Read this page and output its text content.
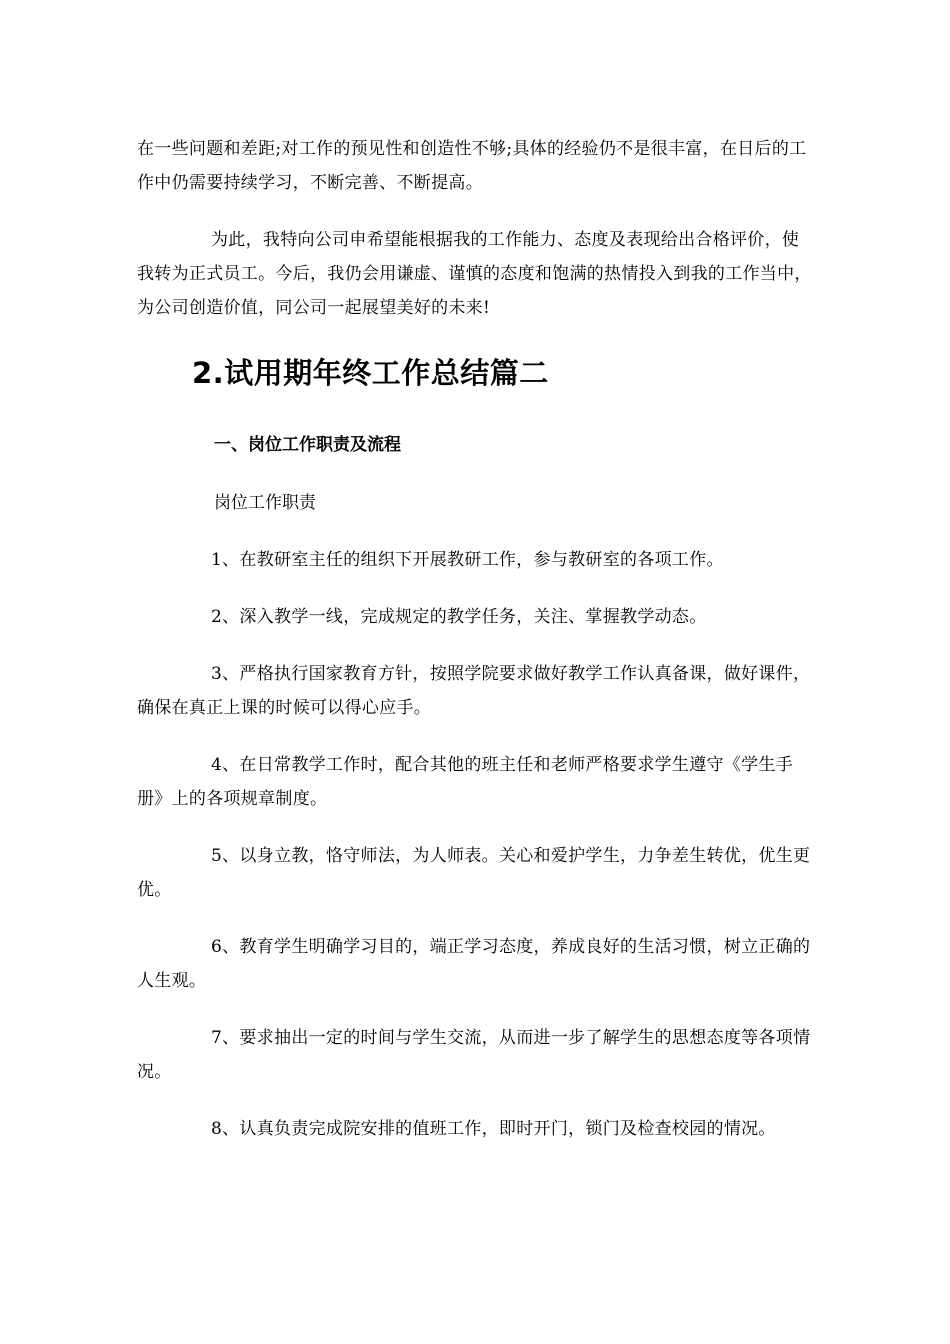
在一些问题和差距;对工作的预见性和创造性不够;具体的经验仍不是很丰富，在日后的工作中仍需要持续学习，不断完善、不断提高。

为此，我特向公司申希望能根据我的工作能力、态度及表现给出合格评价，使我转为正式员工。今后，我仍会用谦虚、谨慎的态度和饱满的热情投入到我的工作当中，为公司创造价值，同公司一起展望美好的未来!

2.试用期年终工作总结篇二
一、岗位工作职责及流程
岗位工作职责

1、在教研室主任的组织下开展教研工作，参与教研室的各项工作。

2、深入教学一线，完成规定的教学任务，关注、掌握教学动态。

3、严格执行国家教育方针，按照学院要求做好教学工作认真备课，做好课件，确保在真正上课的时候可以得心应手。

4、在日常教学工作时，配合其他的班主任和老师严格要求学生遵守《学生手册》上的各项规章制度。

5、以身立教，恪守师法，为人师表。关心和爱护学生，力争差生转优，优生更优。

6、教育学生明确学习目的，端正学习态度，养成良好的生活习惯，树立正确的人生观。

7、要求抽出一定的时间与学生交流，从而进一步了解学生的思想态度等各项情况。

8、认真负责完成院安排的值班工作，即时开门，锁门及检查校园的情况。
